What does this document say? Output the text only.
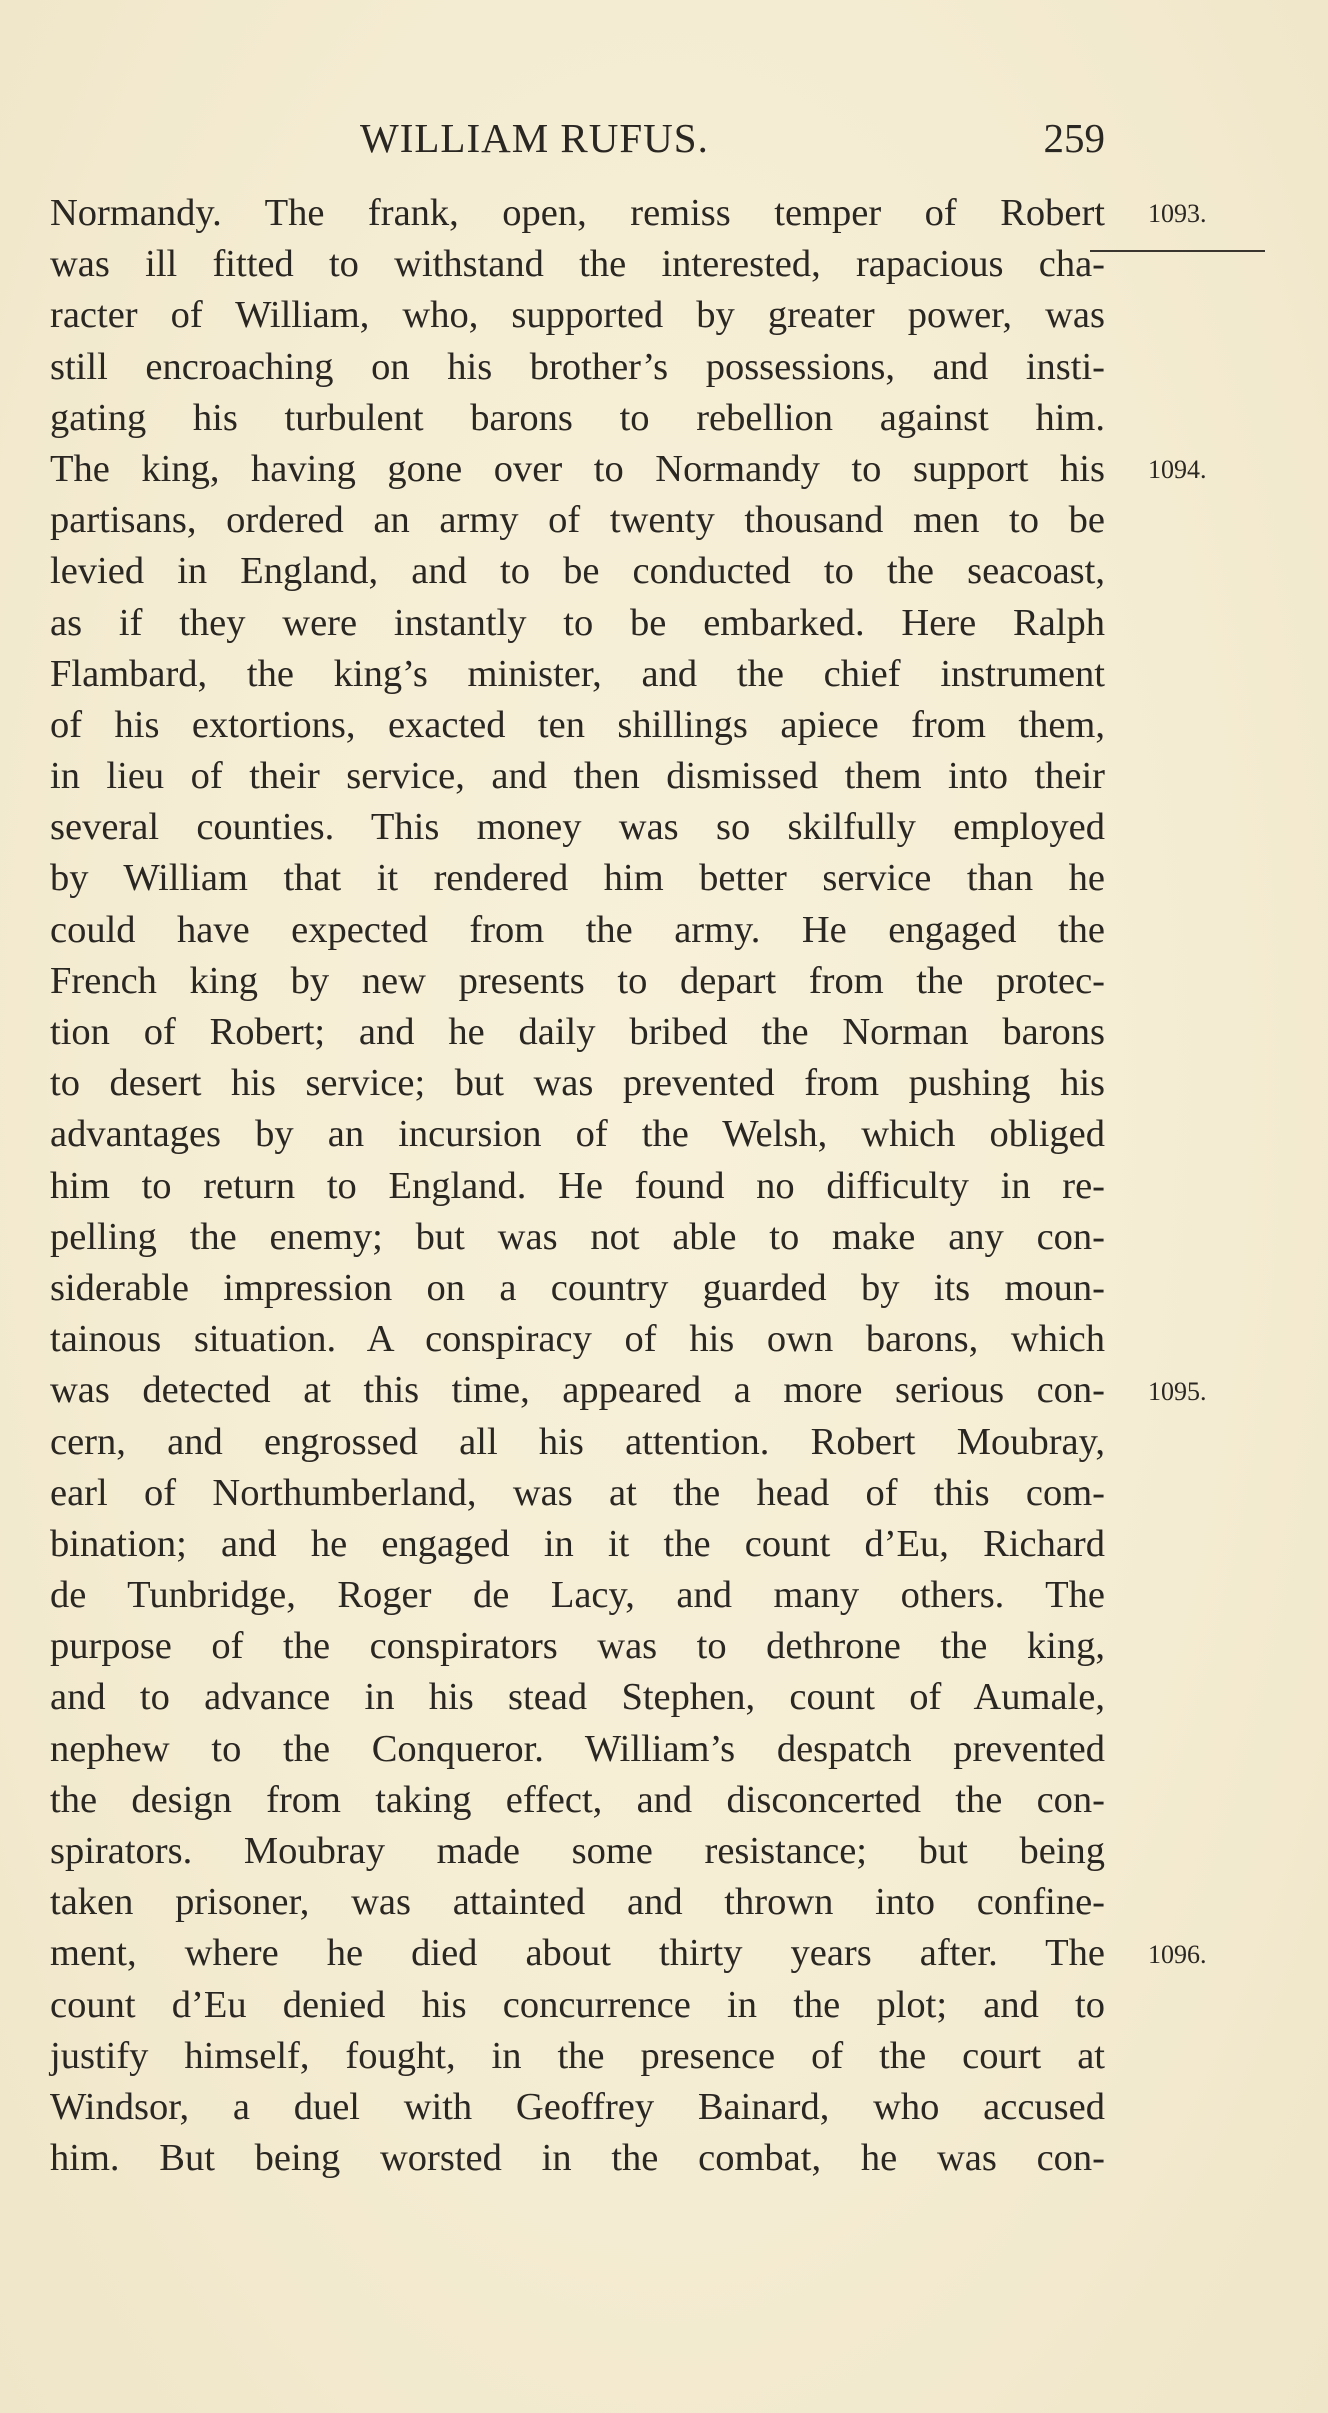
WILLIAM RUFUS.	259
1093.
1094.
1095.
1096.
Normandy. The frank, open, remiss temper of Robert
was ill fitted to withstand the interested, rapacious cha-
racter of William, who, supported by greater power, was
still encroaching on his brother’s possessions, and insti-
gating his turbulent barons to rebellion against him.
The king, having gone over to Normandy to support his
partisans, ordered an army of twenty thousand men to be
levied in England, and to be conducted to the seacoast,
as if they were instantly to be embarked. Here Ralph
Flambard, the king’s minister, and the chief instrument
of his extortions, exacted ten shillings apiece from them,
in lieu of their service, and then dismissed them into their
several counties. This money was so skilfully employed
by William that it rendered him better service than he
could have expected from the army. He engaged the
French king by new presents to depart from the protec-
tion of Robert; and he daily bribed the Norman barons
to desert his service; but was prevented from pushing his
advantages by an incursion of the Welsh, which obliged
him to return to England. He found no difficulty in re-
pelling the enemy; but was not able to make any con-
siderable impression on a country guarded by its moun-
tainous situation. A conspiracy of his own barons, which
was detected at this time, appeared a more serious con-
cern, and engrossed all his attention. Robert Moubray,
earl of Northumberland, was at the head of this com-
bination; and he engaged in it the count d’Eu, Richard
de Tunbridge, Roger de Lacy, and many others. The
purpose of the conspirators was to dethrone the king,
and to advance in his stead Stephen, count of Aumale,
nephew to the Conqueror. William’s despatch prevented
the design from taking effect, and disconcerted the con-
spirators. Moubray made some resistance; but being
taken prisoner, was attainted and thrown into confine-
ment, where he died about thirty years after. The
count d’Eu denied his concurrence in the plot; and to
justify himself, fought, in the presence of the court at
Windsor, a duel with Geoffrey Bainard, who accused
him. But being worsted in the combat, he was con-
